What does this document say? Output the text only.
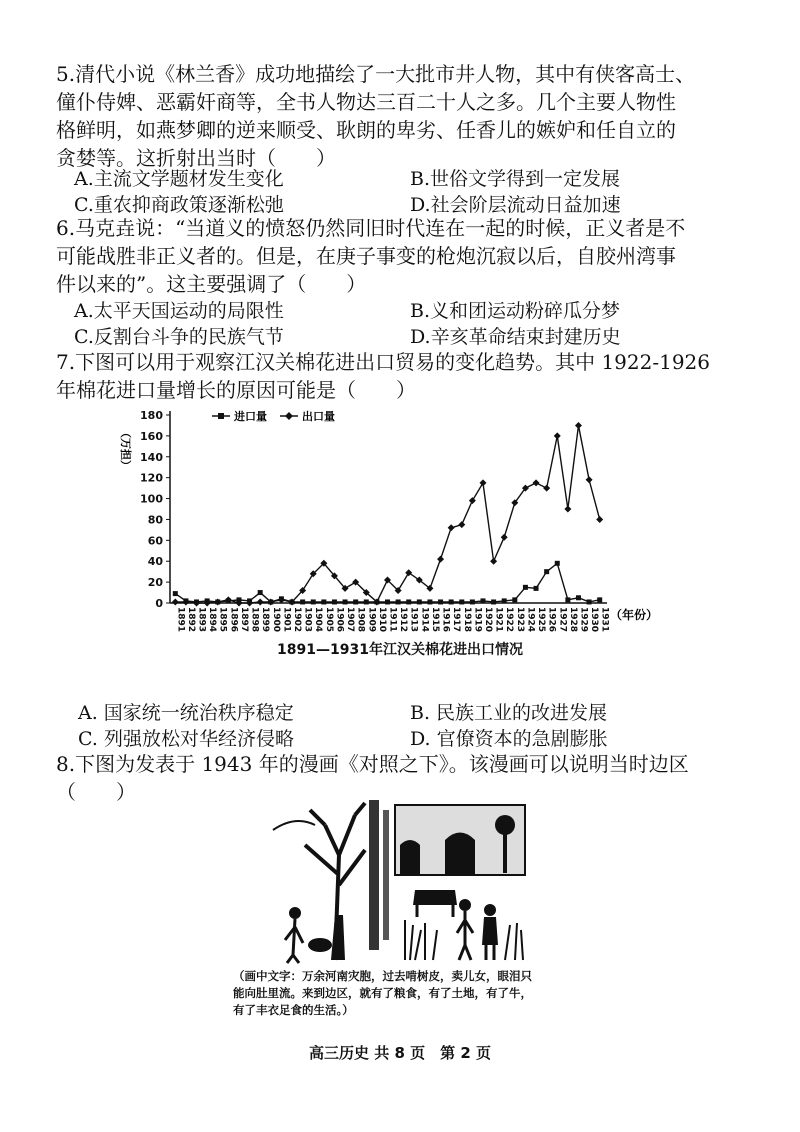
5.清代小说《林兰香》成功地描绘了一大批市井人物，其中有侠客高士、
僮仆侍婢、恶霸奸商等，全书人物达三百二十人之多。几个主要人物性
格鲜明，如燕梦卿的逆来顺受、耿朗的卑劣、任香儿的嫉妒和任自立的
贪婪等。这折射出当时（　　）
A.主流文学题材发生变化	B.世俗文学得到一定发展
C.重农抑商政策逐渐松弛	D.社会阶层流动日益加速
6.马克垚说：“当道义的愤怒仍然同旧时代连在一起的时候，正义者是不
可能战胜非正义者的。但是，在庚子事变的枪炮沉寂以后，自胶州湾事
件以来的”。这主要强调了（　　）
A.太平天国运动的局限性	B.义和团运动粉碎瓜分梦
C.反割台斗争的民族气节	D.辛亥革命结束封建历史
7.下图可以用于观察江汉关棉花进出口贸易的变化趋势。其中 1922-1926
年棉花进口量增长的原因可能是（　　）
（万担）
进口量	出口量
0
20
40
60
80
100
120
140
160
180
1891 1892 1893 1894 1895 1896 1897 1898 1899 1900 1901 1902 1903 1904 1905 1906 1907 1908 1909 1910 1911 1912 1913 1914 1915 1916 1917 1918 1919 1920 1921 1922 1923 1924 1925 1926 1927 1928 1929 1930 1931 （年份）
1891—1931年江汉关棉花进出口情况
A. 国家统一统治秩序稳定	B. 民族工业的改进发展
C. 列强放松对华经济侵略	D. 官僚资本的急剧膨胀
8.下图为发表于 1943 年的漫画《对照之下》。该漫画可以说明当时边区
（　　）
（画中文字：万余河南灾胞，过去啃树皮，卖儿女，眼泪只
能向肚里流。来到边区，就有了粮食，有了土地，有了牛，
有了丰衣足食的生活。）
高三历史 共 8 页　第 2 页
